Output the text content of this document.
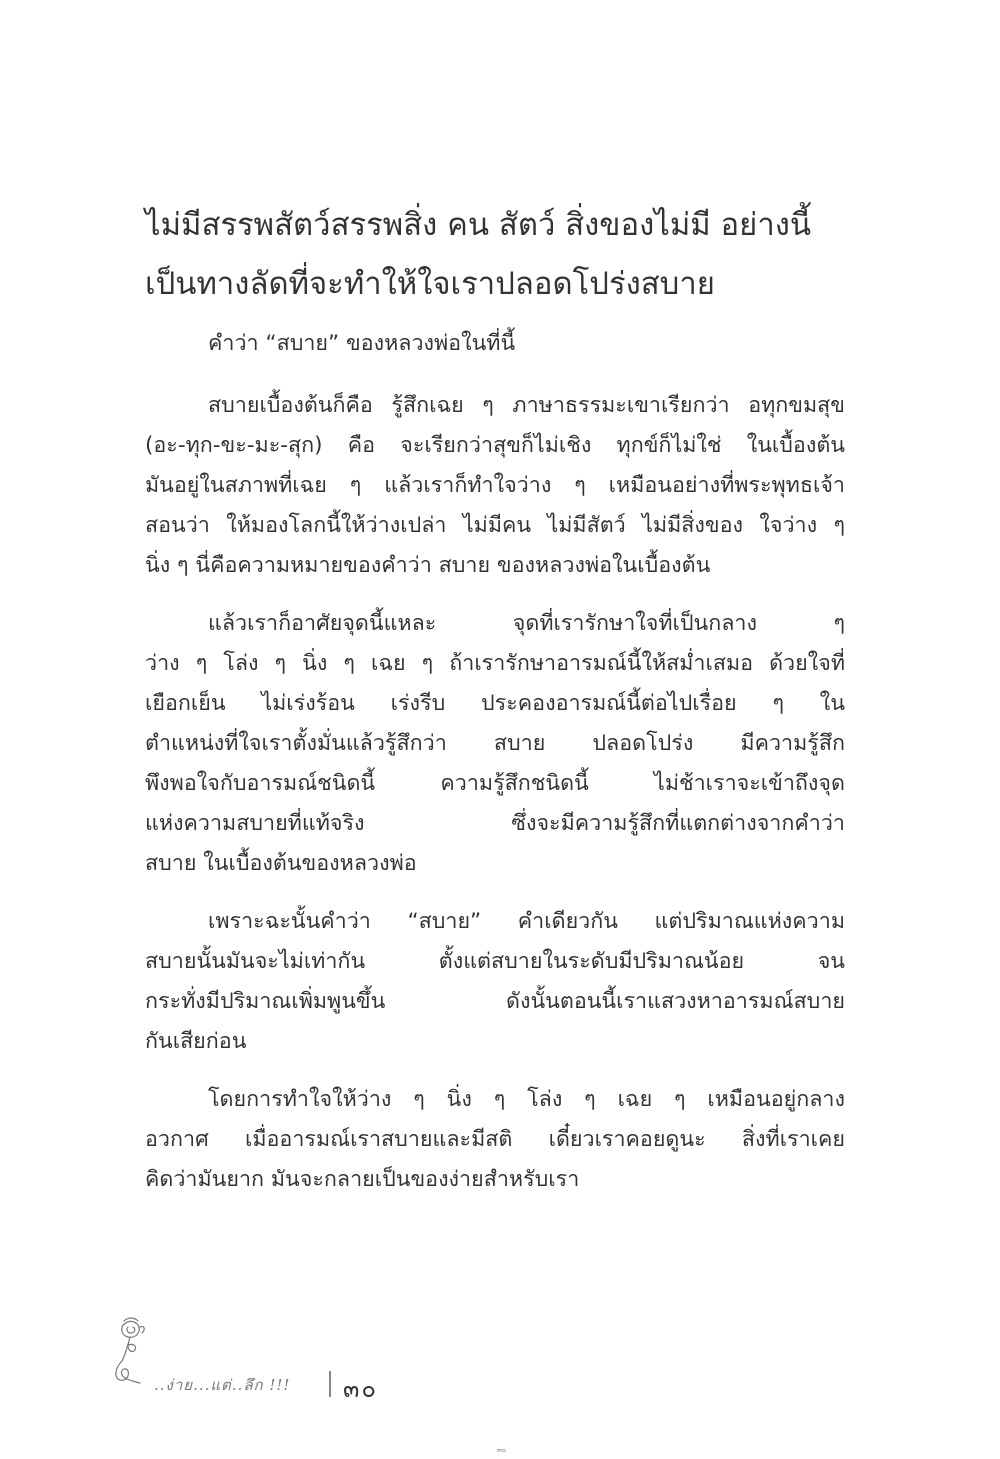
ไม่มีสรรพสัตว์สรรพสิ่ง คน สัตว์ สิ่งของไม่มี อย่างนี้
เป็นทางลัดที่จะทำให้ใจเราปลอดโปร่งสบาย
คำว่า “สบาย” ของหลวงพ่อในที่นี้
สบายเบื้องต้นก็คือ รู้สึกเฉย ๆ ภาษาธรรมะเขาเรียกว่า อทุกขมสุข
(อะ-ทุก-ขะ-มะ-สุก) คือ จะเรียกว่าสุขก็ไม่เชิง ทุกข์ก็ไม่ใช่ ในเบื้องต้น
มันอยู่ในสภาพที่เฉย ๆ แล้วเราก็ทำใจว่าง ๆ เหมือนอย่างที่พระพุทธเจ้า
สอนว่า ให้มองโลกนี้ให้ว่างเปล่า ไม่มีคน ไม่มีสัตว์ ไม่มีสิ่งของ ใจว่าง ๆ
นิ่ง ๆ นี่คือความหมายของคำว่า สบาย ของหลวงพ่อในเบื้องต้น
แล้วเราก็อาศัยจุดนี้แหละ จุดที่เรารักษาใจที่เป็นกลาง ๆ
ว่าง ๆ โล่ง ๆ นิ่ง ๆ เฉย ๆ ถ้าเรารักษาอารมณ์นี้ให้สม่ำเสมอ ด้วยใจที่
เยือกเย็น ไม่เร่งร้อน เร่งรีบ ประคองอารมณ์นี้ต่อไปเรื่อย ๆ ใน
ตำแหน่งที่ใจเราตั้งมั่นแล้วรู้สึกว่า สบาย ปลอดโปร่ง มีความรู้สึก
พึงพอใจกับอารมณ์ชนิดนี้ ความรู้สึกชนิดนี้ ไม่ช้าเราจะเข้าถึงจุด
แห่งความสบายที่แท้จริง ซึ่งจะมีความรู้สึกที่แตกต่างจากคำว่า
สบาย ในเบื้องต้นของหลวงพ่อ
เพราะฉะนั้นคำว่า “สบาย” คำเดียวกัน แต่ปริมาณแห่งความ
สบายนั้นมันจะไม่เท่ากัน ตั้งแต่สบายในระดับมีปริมาณน้อย จน
กระทั่งมีปริมาณเพิ่มพูนขึ้น ดังนั้นตอนนี้เราแสวงหาอารมณ์สบาย
กันเสียก่อน
โดยการทำใจให้ว่าง ๆ นิ่ง ๆ โล่ง ๆ เฉย ๆ เหมือนอยู่กลาง
อวกาศ เมื่ออารมณ์เราสบายและมีสติ เดี๋ยวเราคอยดูนะ สิ่งที่เราเคย
คิดว่ามันยาก มันจะกลายเป็นของง่ายสำหรับเรา
..ง่าย...แต่..ลึก !!! ๓๐
๓๐
